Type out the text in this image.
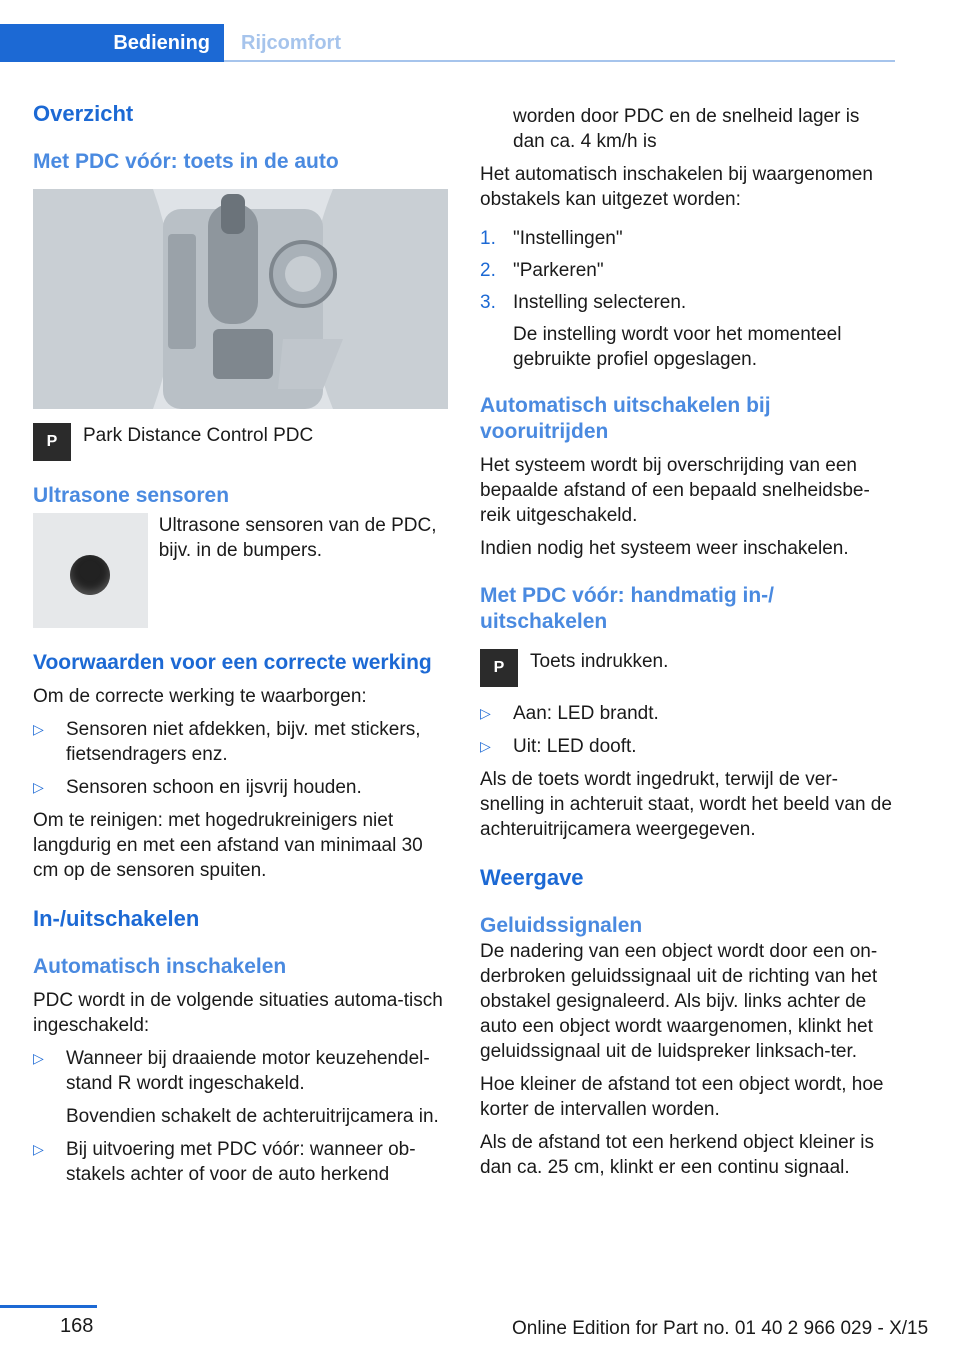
Bediening	Rijcomfort
Overzicht
Met PDC vóór: toets in de auto
P	Park Distance Control PDC

Ultrasone sensoren

Ultrasone sensoren van de PDC, bijv. in de bumpers.

Voorwaarden voor een correcte werking

Om de correcte werking te waarborgen:

▷ Sensoren niet afdekken, bijv. met stickers, fietsendragers enz.
▷ Sensoren schoon en ijsvrij houden.

Om te reinigen: met hogedrukreinigers niet langdurig en met een afstand van minimaal 30 cm op de sensoren spuiten.

In-/uitschakelen
Automatisch inschakelen

PDC wordt in de volgende situaties automa-tisch ingeschakeld:

▷ Wanneer bij draaiende motor keuzehendel-stand R wordt ingeschakeld.
Bovendien schakelt de achteruitrijcamera in.
▷ Bij uitvoering met PDC vóór: wanneer ob-stakels achter of voor de auto herkend
worden door PDC en de snelheid lager is dan ca. 4 km/h is

Het automatisch inschakelen bij waargenomen obstakels kan uitgezet worden:

1. "Instellingen"
2. "Parkeren"
3. Instelling selecteren.
De instelling wordt voor het momenteel gebruikte profiel opgeslagen.
Automatisch uitschakelen bij vooruitrijden

Het systeem wordt bij overschrijding van een bepaalde afstand of een bepaald snelheidsbe-reik uitgeschakeld.

Indien nodig het systeem weer inschakelen.

Met PDC vóór: handmatig in-/ uitschakelen
P	Toets indrukken.

▷ Aan: LED brandt.
▷ Uit: LED dooft.

Als de toets wordt ingedrukt, terwijl de ver-snelling in achteruit staat, wordt het beeld van de achteruitrijcamera weergegeven.

Weergave
Geluidssignalen

De nadering van een object wordt door een on-derbroken geluidssignaal uit de richting van het obstakel gesignaleerd. Als bijv. links achter de auto een object wordt waargenomen, klinkt het geluidssignaal uit de luidspreker linksach-ter.

Hoe kleiner de afstand tot een object wordt, hoe korter de intervallen worden.

Als de afstand tot een herkend object kleiner is dan ca. 25 cm, klinkt er een continu signaal.

168	Online Edition for Part no. 01 40 2 966 029 - X/15
